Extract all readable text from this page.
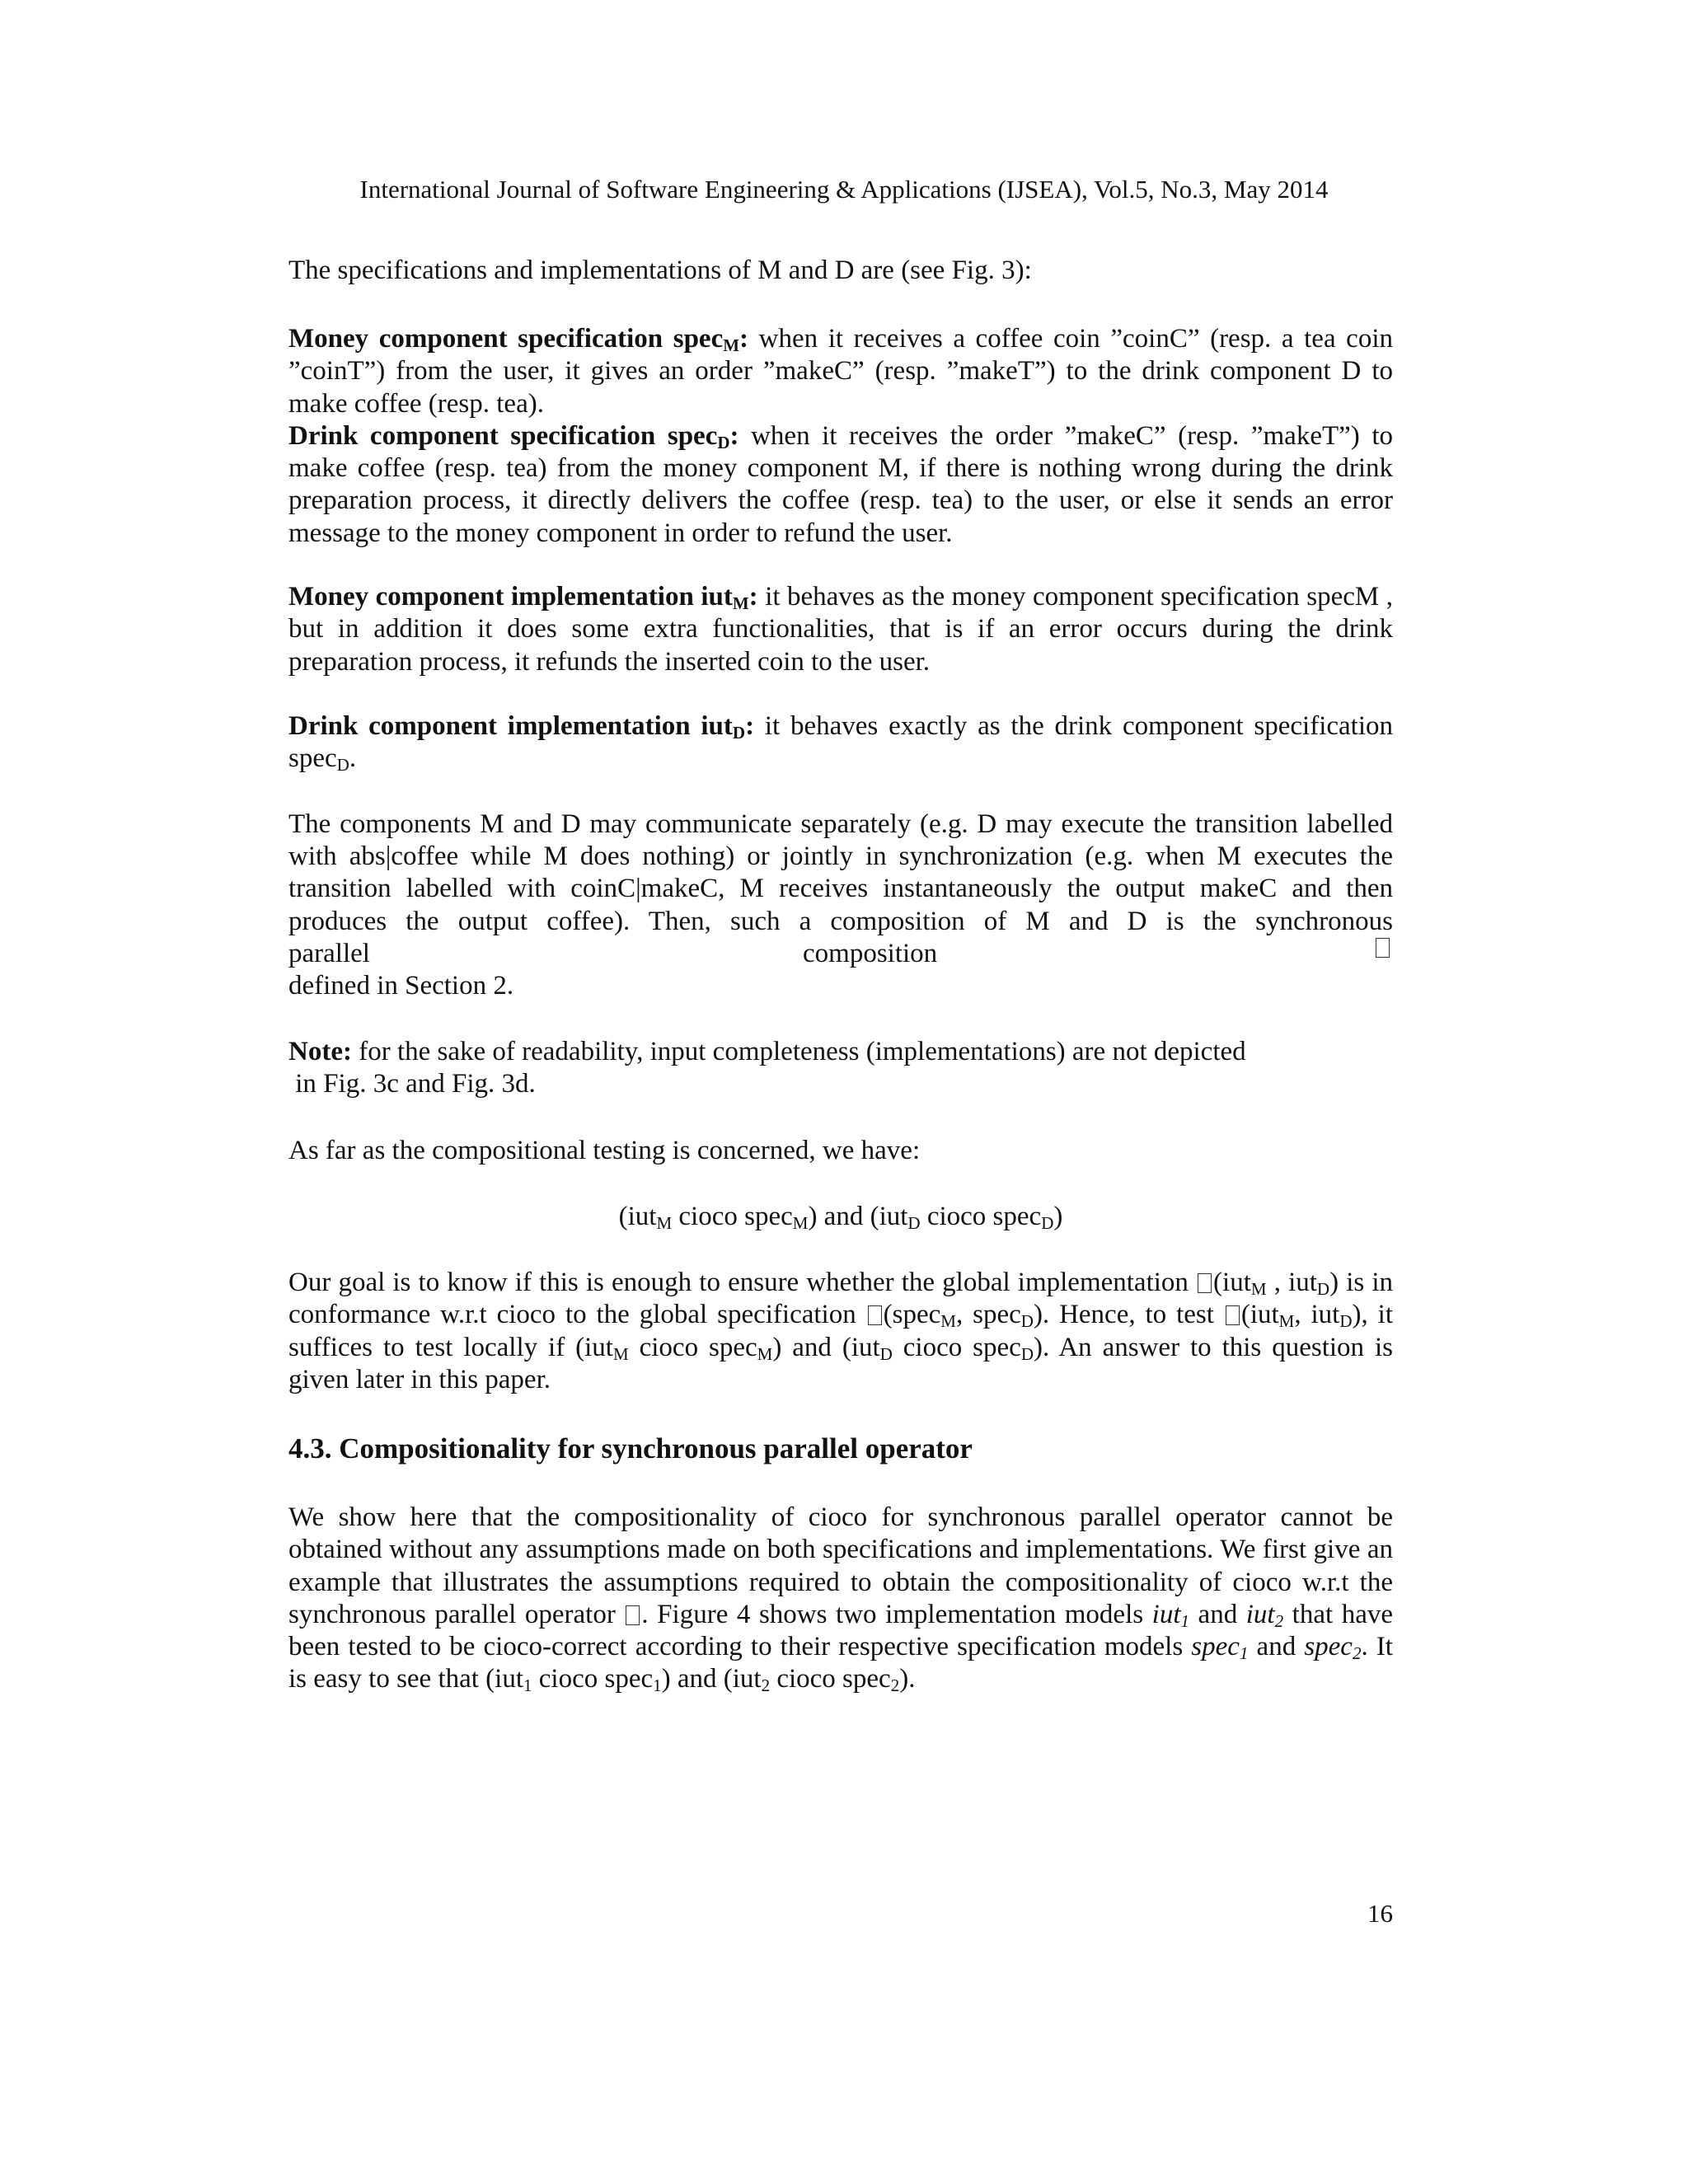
International Journal of Software Engineering & Applications (IJSEA), Vol.5, No.3, May 2014

The specifications and implementations of M and D are (see Fig. 3):

Money component specification spec$_M$: when it receives a coffee coin ”coinC” (resp. a tea coin ”coinT”) from the user, it gives an order ”makeC” (resp. ”makeT”) to the drink component D to make coffee (resp. tea).

Drink component specification spec$_D$: when it receives the order ”makeC” (resp. ”makeT”) to make coffee (resp. tea) from the money component M, if there is nothing wrong during the drink preparation process, it directly delivers the coffee (resp. tea) to the user, or else it sends an error message to the money component in order to refund the user.

Money component implementation iut$_M$: it behaves as the money component specification specM , but in addition it does some extra functionalities, that is if an error occurs during the drink preparation process, it refunds the inserted coin to the user.

Drink component implementation iut$_D$: it behaves exactly as the drink component specification spec$_D$.

The components M and D may communicate separately (e.g. D may execute the transition labelled with abs|coffee while M does nothing) or jointly in synchronization (e.g. when M executes the transition labelled with coinC|makeC, M receives instantaneously the output makeC and then produces the output coffee). Then, such a composition of M and D is the synchronous

parallel	composition

defined in Section 2.

Note: for the sake of readability, input completeness (implementations) are not depicted

in Fig. 3c and Fig. 3d.

As far as the compositional testing is concerned, we have:

(iut$_M$ cioco spec$_M$) and (iut$_D$ cioco spec$_D$)

Our goal is to know if this is enough to ensure whether the global implementation (iut$_M$ , iut$_D$) is in conformance w.r.t cioco to the global specification (spec$_M$, spec$_D$). Hence, to test (iut$_M$, iut$_D$), it suffices to test locally if (iut$_M$ cioco spec$_M$) and (iut$_D$ cioco spec$_D$). An answer to this question is given later in this paper.

4.3. Compositionality for synchronous parallel operator

We show here that the compositionality of cioco for synchronous parallel operator cannot be obtained without any assumptions made on both specifications and implementations. We first give an example that illustrates the assumptions required to obtain the compositionality of cioco w.r.t the synchronous parallel operator . Figure 4 shows two implementation models iut$_1$ and iut$_2$ that have been tested to be cioco-correct according to their respective specification models spec$_1$ and spec$_2$. It is easy to see that (iut$_1$ cioco spec$_1$) and (iut$_2$ cioco spec$_2$).

16
